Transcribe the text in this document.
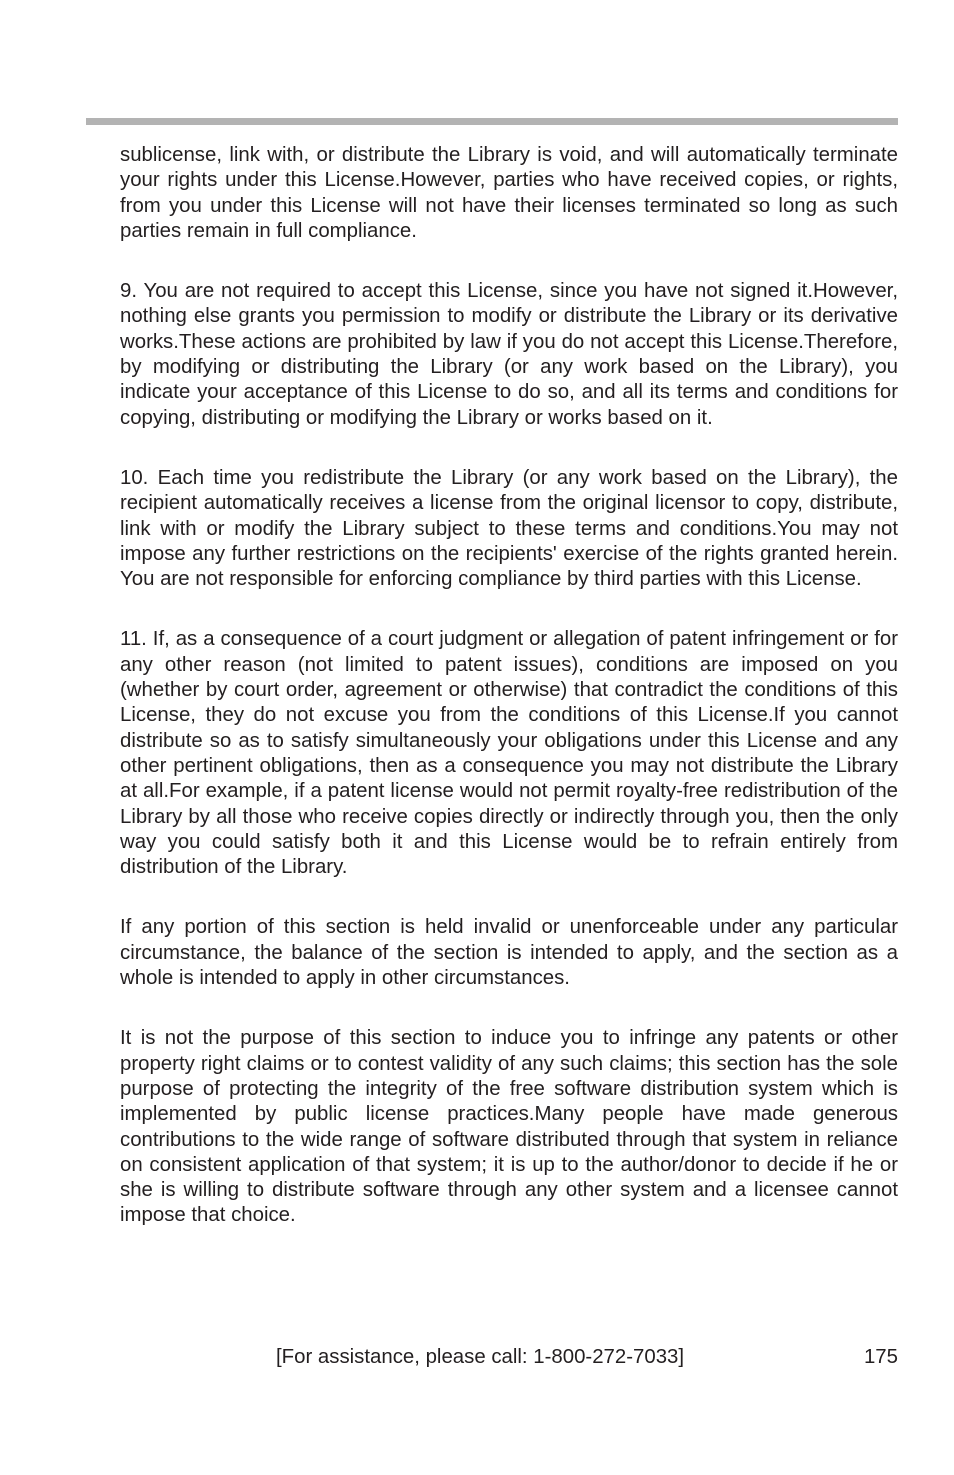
sublicense, link with, or distribute the Library is void, and will automatically terminate your rights under this License.However, parties who have received copies, or rights, from you under this License will not have their licenses terminated so long as such parties remain in full compliance.

9. You are not required to accept this License, since you have not signed it.However, nothing else grants you permission to modify or distribute the Library or its derivative works.These actions are prohibited by law if you do not accept this License.Therefore, by modifying or distributing the Library (or any work based on the Library), you indicate your acceptance of this License to do so, and all its terms and conditions for copying, distributing or modifying the Library or works based on it.

10. Each time you redistribute the Library (or any work based on the Library), the recipient automatically receives a license from the original licensor to copy, distribute, link with or modify the Library subject to these terms and conditions.You may not impose any further restrictions on the recipients' exercise of the rights granted herein. You are not responsible for enforcing compliance by third parties with this License.

11. If, as a consequence of a court judgment or allegation of patent infringement or for any other reason (not limited to patent issues), conditions are imposed on you (whether by court order, agreement or otherwise) that contradict the conditions of this License, they do not excuse you from the conditions of this License.If you cannot distribute so as to satisfy simultaneously your obligations under this License and any other pertinent obligations, then as a consequence you may not distribute the Library at all.For example, if a patent license would not permit royalty-free redistribution of the Library by all those who receive copies directly or indirectly through you, then the only way you could satisfy both it and this License would be to refrain entirely from distribution of the Library.

If any portion of this section is held invalid or unenforceable under any particular circumstance, the balance of the section is intended to apply, and the section as a whole is intended to apply in other circumstances.

It is not the purpose of this section to induce you to infringe any patents or other property right claims or to contest validity of any such claims; this section has the sole purpose of protecting the integrity of the free software distribution system which is implemented by public license practices.Many people have made generous contributions to the wide range of software distributed through that system in reliance on consistent application of that system; it is up to the author/donor to decide if he or she is willing to distribute software through any other system and a licensee cannot impose that choice.

[For assistance, please call: 1-800-272-7033]	175
